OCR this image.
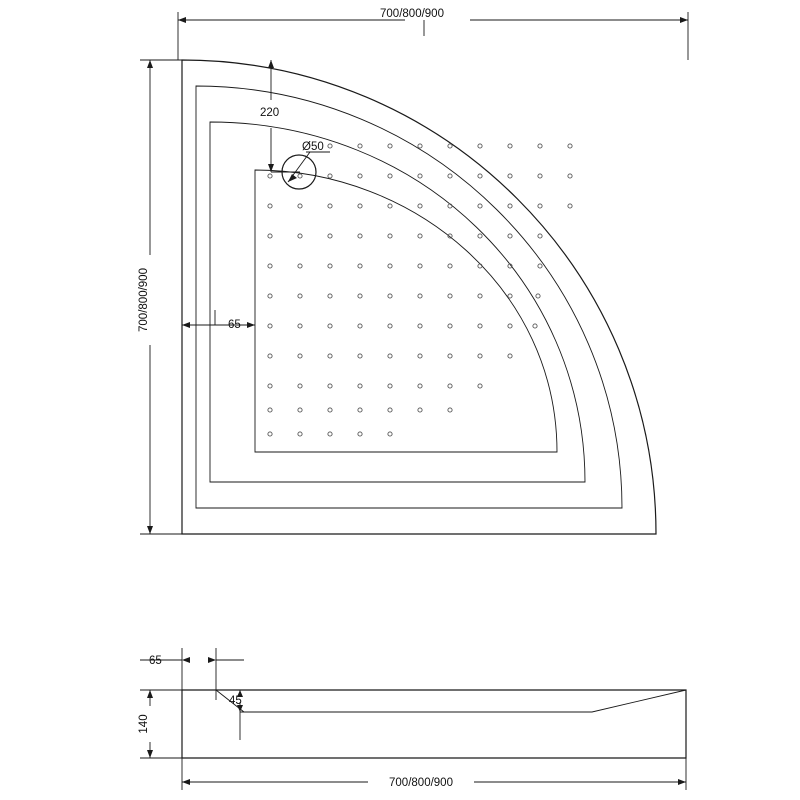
Ø50
220
65
700/800/900
700/800/900
65
45
140
700/800/900
